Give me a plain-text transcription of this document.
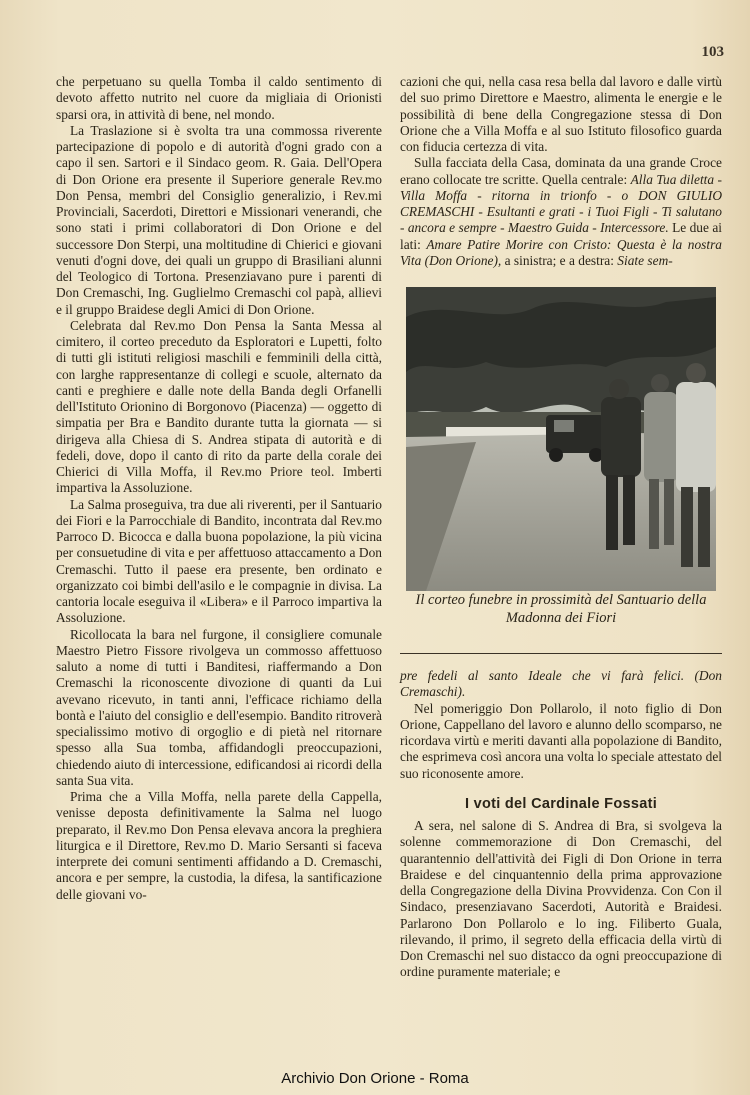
103

che perpetuano su quella Tomba il caldo sentimento di devoto affetto nutrito nel cuore da migliaia di Orionisti sparsi ora, in attività di bene, nel mondo.

La Traslazione si è svolta tra una commossa riverente partecipazione di popolo e di autorità d'ogni grado con a capo il sen. Sartori e il Sindaco geom. R. Gaia. Dell'Opera di Don Orione era presente il Superiore generale Rev.mo Don Pensa, membri del Consiglio generalizio, i Rev.mi Provinciali, Sacerdoti, Direttori e Missionari venerandi, che sono stati i primi collaboratori di Don Orione e del successore Don Sterpi, una moltitudine di Chierici e giovani venuti d'ogni dove, dei quali un gruppo di Brasiliani alunni del Teologico di Tortona. Presenziavano pure i parenti di Don Cremaschi, Ing. Guglielmo Cremaschi col papà, allievi e il gruppo Braidese degli Amici di Don Orione.

Celebrata dal Rev.mo Don Pensa la Santa Messa al cimitero, il corteo preceduto da Esploratori e Lupetti, folto di tutti gli istituti religiosi maschili e femminili della città, con larghe rappresentanze di collegi e scuole, alternato da canti e preghiere e dalle note della Banda degli Orfanelli dell'Istituto Orionino di Borgonovo (Piacenza) — oggetto di simpatia per Bra e Bandito durante tutta la giornata — si dirigeva alla Chiesa di S. Andrea stipata di autorità e di fedeli, dove, dopo il canto di rito da parte della corale dei Chierici di Villa Moffa, il Rev.mo Priore teol. Imberti impartiva la Assoluzione.

La Salma proseguiva, tra due ali riverenti, per il Santuario dei Fiori e la Parrocchiale di Bandito, incontrata dal Rev.mo Parroco D. Bicocca e dalla buona popolazione, la più vicina per consuetudine di vita e per affettuoso attaccamento a Don Cremaschi. Tutto il paese era presente, ben ordinato e organizzato coi bimbi dell'asilo e le compagnie in divisa. La cantoria locale eseguiva il «Libera» e il Parroco impartiva la Assoluzione.

Ricollocata la bara nel furgone, il consigliere comunale Maestro Pietro Fissore rivolgeva un commosso affettuoso saluto a nome di tutti i Banditesi, riaffermando a Don Cremaschi la riconoscente divozione di quanti da Lui avevano ricevuto, in tanti anni, l'efficace richiamo della bontà e l'aiuto del consiglio e dell'esempio. Bandito ritroverà specialissimo motivo di orgoglio e di pietà nel ritornare spesso alla Sua tomba, affidandogli preoccupazioni, chiedendo aiuto di intercessione, edificandosi ai ricordi della santa Sua vita.

Prima che a Villa Moffa, nella parete della Cappella, venisse deposta definitivamente la Salma nel luogo preparato, il Rev.mo Don Pensa elevava ancora la preghiera liturgica e il Direttore, Rev.mo D. Mario Sersanti si faceva interprete dei comuni sentimenti affidando a D. Cremaschi, ancora e per sempre, la custodia, la difesa, la santificazione delle giovani vo-

cazioni che qui, nella casa resa bella dal lavoro e dalle virtù del suo primo Direttore e Maestro, alimenta le energie e le possibilità di bene della Congregazione stessa di Don Orione che a Villa Moffa e al suo Istituto filosofico guarda con fiducia certezza di vita.

Sulla facciata della Casa, dominata da una grande Croce erano collocate tre scritte. Quella centrale: Alla Tua diletta - Villa Moffa - ritorna in trionfo - o DON GIULIO CREMASCHI - Esultanti e grati - i Tuoi Figli - Ti salutano - ancora e sempre - Maestro Guida - Intercessore. Le due ai lati: Amare Patire Morire con Cristo: Questa è la nostra Vita (Don Orione), a sinistra; e a destra: Siate sem-

Il corteo funebre in prossimità del Santuario della Madonna dei Fiori

pre fedeli al santo Ideale che vi farà felici. (Don Cremaschi).

Nel pomeriggio Don Pollarolo, il noto figlio di Don Orione, Cappellano del lavoro e alunno dello scomparso, ne ricordava virtù e meriti davanti alla popolazione di Bandito, che esprimeva così ancora una volta lo speciale attestato del suo riconosente amore.

I voti del Cardinale Fossati

A sera, nel salone di S. Andrea di Bra, si svolgeva la solenne commemorazione di Don Cremaschi, del quarantennio dell'attività dei Figli di Don Orione in terra Braidese e del cinquantennio della prima approvazione della Congregazione della Divina Provvidenza. Con Con il Sindaco, presenziavano Sacerdoti, Autorità e Braidesi. Parlarono Don Pollarolo e lo ing. Filiberto Guala, rilevando, il primo, il segreto della efficacia della virtù di Don Cremaschi nel suo distacco da ogni preoccupazione di ordine puramente materiale; e

Archivio Don Orione - Roma
